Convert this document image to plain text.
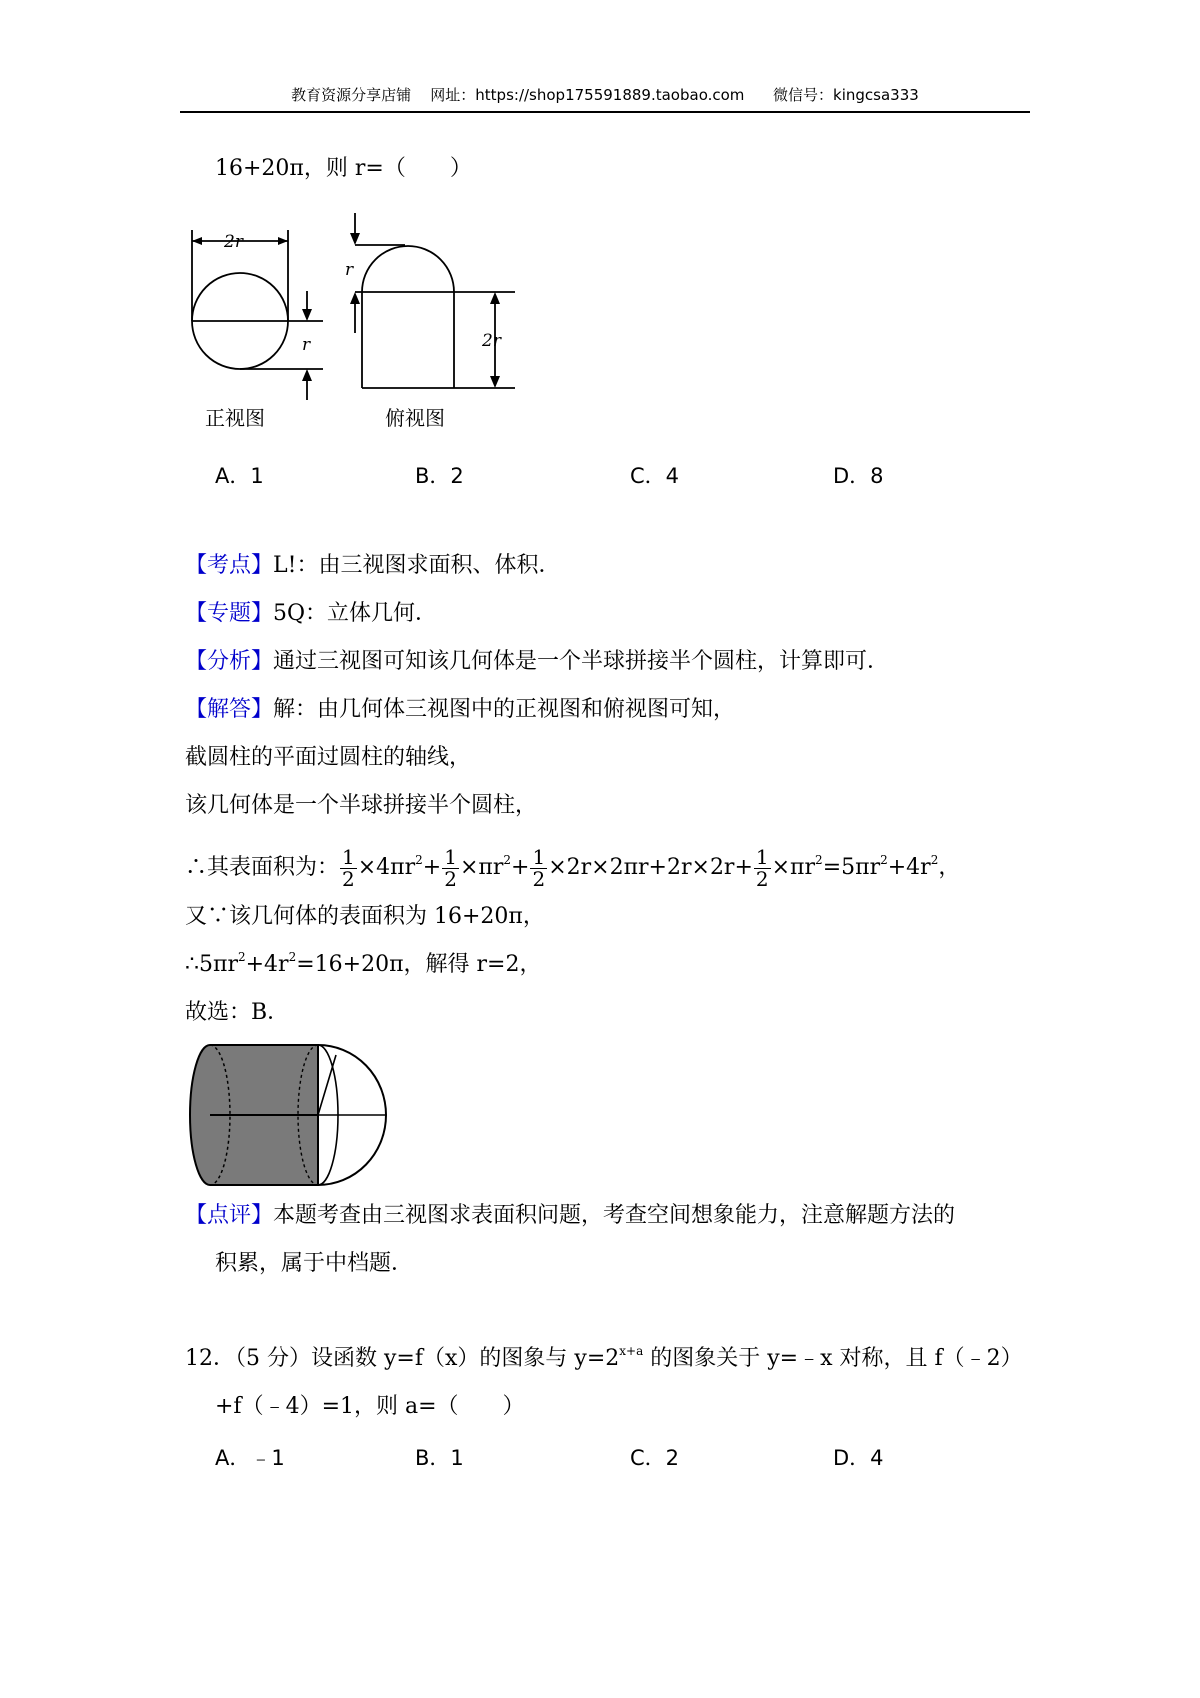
教育资源分享店铺 网址：https://shop175591889.taobao.com 微信号：kingcsa333
16+20π，则 r=（　　）
2r
r
正视图
r
2r
俯视图
A．1	B．2	C．4	D．8
【考点】L!：由三视图求面积、体积．
【专题】5Q：立体几何．
【分析】通过三视图可知该几何体是一个半球拼接半个圆柱，计算即可．
【解答】解：由几何体三视图中的正视图和俯视图可知，
截圆柱的平面过圆柱的轴线，
该几何体是一个半球拼接半个圆柱，
∴其表面积为： $\frac{1}{2} \times 4\pi r^2+ \frac{1}{2} \times\pi r^2+ \frac{1}{2} \times 2r\times 2\pi r+2r\times 2r+ \frac{1}{2} \times\pi r^2=5\pi r^2+4r^2$，
又∵该几何体的表面积为 16+20π，
$\therefore 5\pi r^2+4r^2=16+20\pi$，解得 r=2，
故选：B．
【点评】本题考查由三视图求表面积问题，考查空间想象能力，注意解题方法的
积累，属于中档题．
12．（5 分）设函数 y=f（x）的图象与 $y=2^{x+a}$ 的图象关于 y=﹣x 对称，且 f（﹣2）
+f（﹣4）=1，则 a=（　　）
A．﹣1	B．1	C．2	D．4
